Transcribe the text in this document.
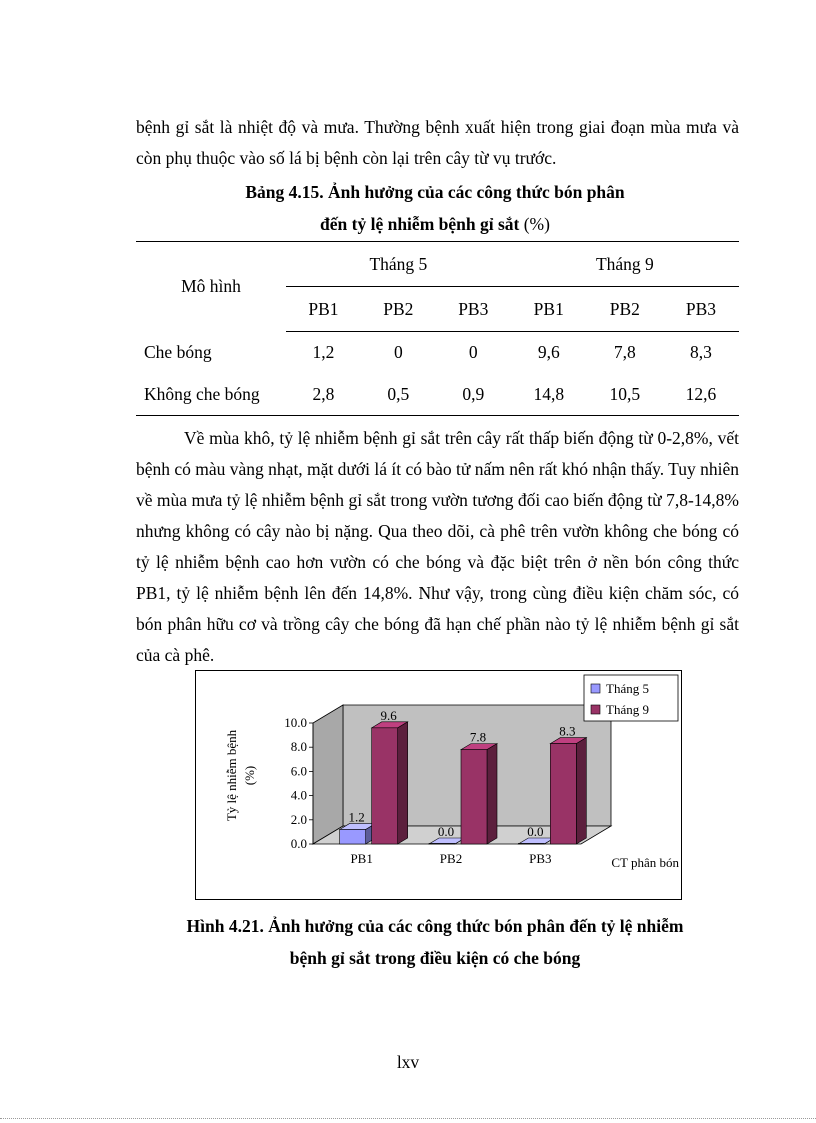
bệnh gỉ sắt là nhiệt độ và mưa. Thường bệnh xuất hiện trong giai đoạn mùa mưa và còn phụ thuộc vào số lá bị bệnh còn lại trên cây từ vụ trước.

Bảng 4.15. Ảnh hưởng của các công thức bón phân
đến tỷ lệ nhiễm bệnh gỉ sắt (%)
Mô hình	Tháng 5			Tháng 9		
	PB1	PB2	PB3	PB1	PB2	PB3
Che bóng	1,2	0	0	9,6	7,8	8,3
Không che bóng	2,8	0,5	0,9	14,8	10,5	12,6

Về mùa khô, tỷ lệ nhiễm bệnh gỉ sắt trên cây rất thấp biến động từ 0-2,8%, vết bệnh có màu vàng nhạt, mặt dưới lá ít có bào tử nấm nên rất khó nhận thấy. Tuy nhiên về mùa mưa tỷ lệ nhiễm bệnh gỉ sắt trong vườn tương đối cao biến động từ 7,8-14,8% nhưng không có cây nào bị nặng. Qua theo dõi, cà phê trên vườn không che bóng có tỷ lệ nhiễm bệnh cao hơn vườn có che bóng và đặc biệt trên ở nền bón công thức PB1, tỷ lệ nhiễm bệnh lên đến 14,8%. Như vậy, trong cùng điều kiện chăm sóc, có bón phân hữu cơ và trồng cây che bóng đã hạn chế phần nào tỷ lệ nhiễm bệnh gỉ sắt của cà phê.

0.0
2.0
4.0
6.0
8.0
10.0
Tỷ lệ nhiễm bệnh (%)
1.2
9.6
PB1
0.0
7.8
PB2
0.0
8.3
PB3	CT phân bón
Tháng 5
Tháng 9
Hình 4.21. Ảnh hưởng của các công thức bón phân đến tỷ lệ nhiễm
bệnh gỉ sắt trong điều kiện có che bóng
lxv
